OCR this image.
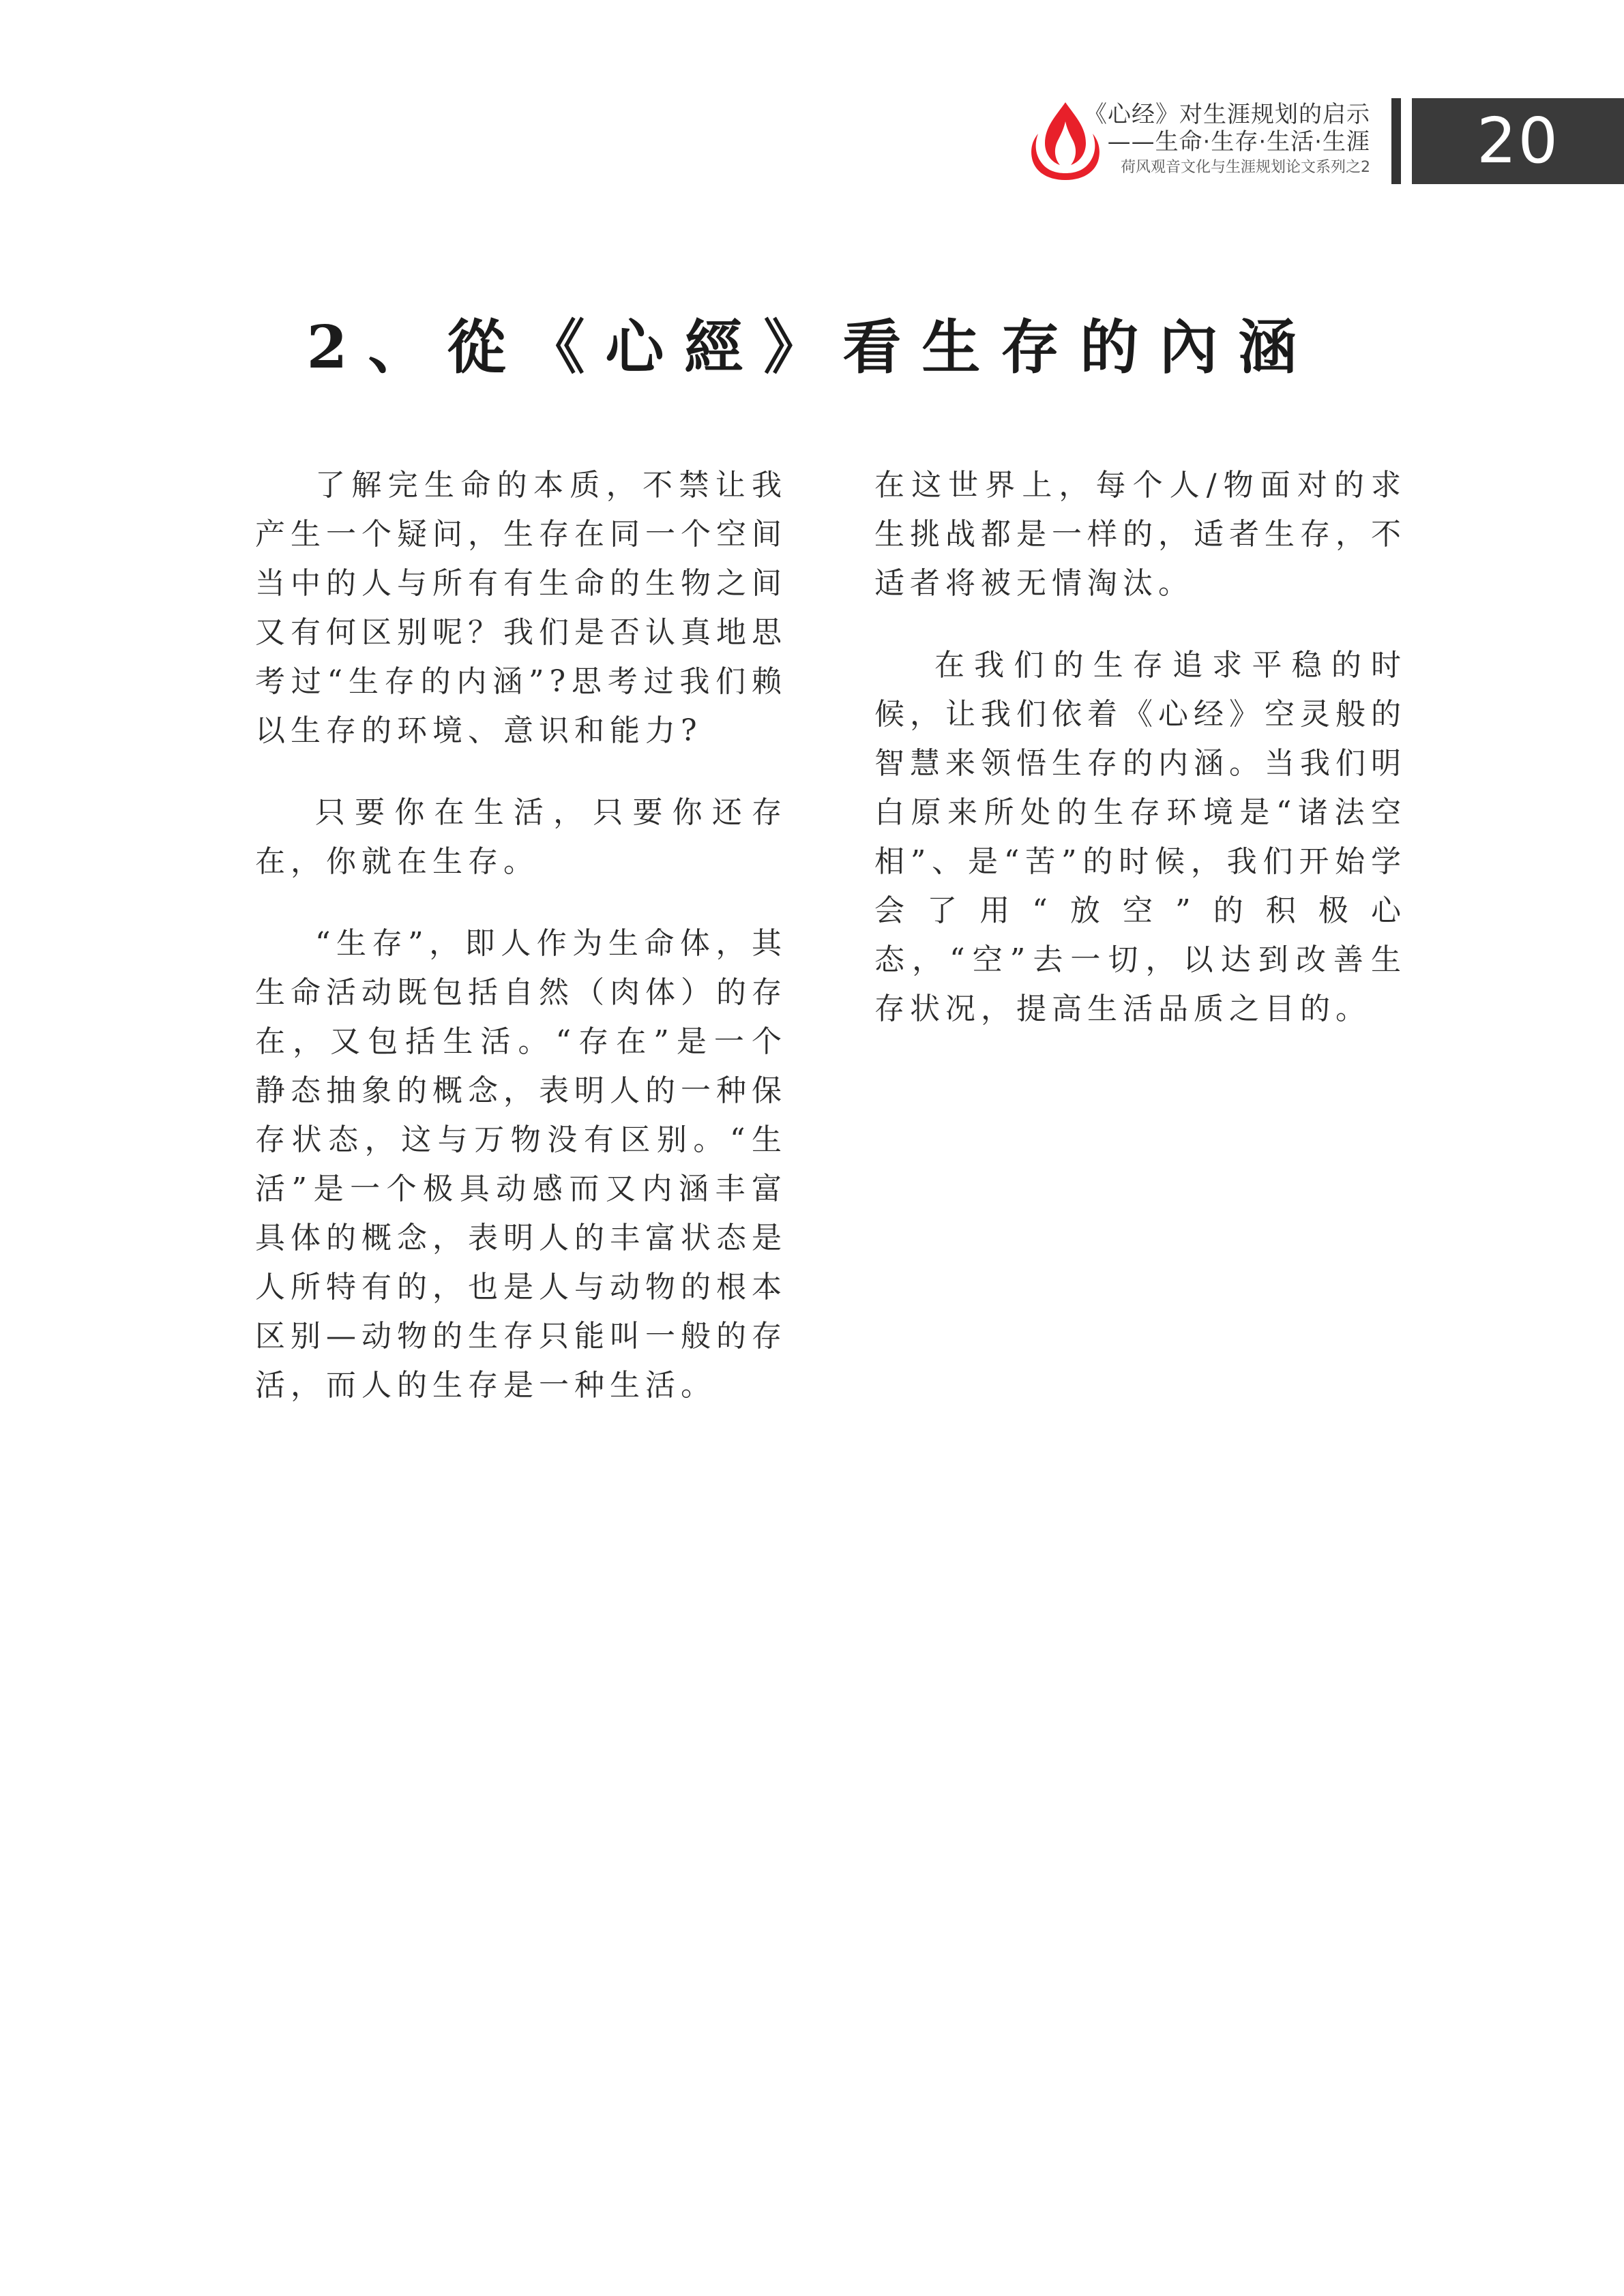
《心经》对生涯规划的启示
——生命·生存·生活·生涯
荷风观音文化与生涯规划论文系列之2	20
2、從《心經》看生存的內涵

了解完生命的本质，不禁让我产生一个疑问，生存在同一个空间当中的人与所有有生命的生物之间又有何区别呢？我们是否认真地思考过“生存的内涵”?思考过我们赖以生存的环境、意识和能力?

只要你在生活，只要你还存在，你就在生存。

“生存”，即人作为生命体，其生命活动既包括自然（肉体）的存在，又包括生活。“存在”是一个静态抽象的概念，表明人的一种保存状态，这与万物没有区别。“生活”是一个极具动感而又内涵丰富具体的概念，表明人的丰富状态是人所特有的，也是人与动物的根本区别—动物的生存只能叫一般的存活，而人的生存是一种生活。

在这世界上，每个人/物面对的求生挑战都是一样的，适者生存，不适者将被无情淘汰。

在我们的生存追求平稳的时候，让我们依着《心经》空灵般的智慧来领悟生存的内涵。当我们明白原来所处的生存环境是“诸法空相”、是“苦”的时候，我们开始学会了用“放空”的积极心态，“空”去一切，以达到改善生存状况，提高生活品质之目的。
